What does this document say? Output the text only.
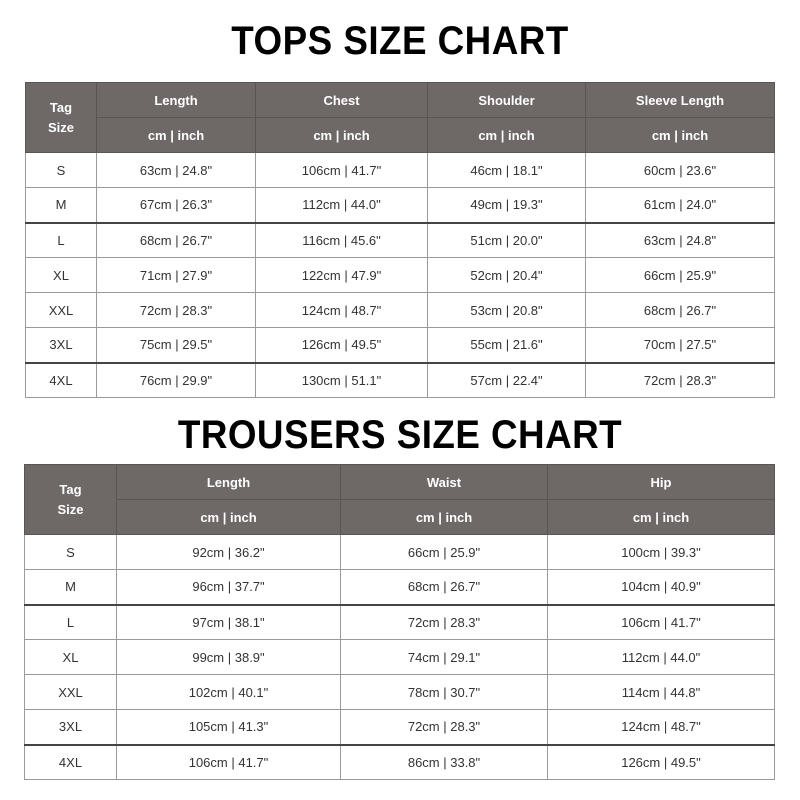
TOPS SIZE CHART
Tag
Size	Length	Chest	Shoulder	Sleeve Length
	cm | inch	cm | inch	cm | inch	cm | inch
S	63cm | 24.8"	106cm | 41.7"	46cm | 18.1"	60cm | 23.6"
M	67cm | 26.3"	112cm | 44.0"	49cm | 19.3"	61cm | 24.0"
L	68cm | 26.7"	116cm | 45.6"	51cm | 20.0"	63cm | 24.8"
XL	71cm | 27.9"	122cm | 47.9"	52cm | 20.4"	66cm | 25.9"
XXL	72cm | 28.3"	124cm | 48.7"	53cm | 20.8"	68cm | 26.7"
3XL	75cm | 29.5"	126cm | 49.5"	55cm | 21.6"	70cm | 27.5"
4XL	76cm | 29.9"	130cm | 51.1"	57cm | 22.4"	72cm | 28.3"
TROUSERS SIZE CHART
Tag
Size	Length	Waist	Hip
	cm | inch	cm | inch	cm | inch
S	92cm | 36.2"	66cm | 25.9"	100cm | 39.3"
M	96cm | 37.7"	68cm | 26.7"	104cm | 40.9"
L	97cm | 38.1"	72cm | 28.3"	106cm | 41.7"
XL	99cm | 38.9"	74cm | 29.1"	112cm | 44.0"
XXL	102cm | 40.1"	78cm | 30.7"	114cm | 44.8"
3XL	105cm | 41.3"	72cm | 28.3"	124cm | 48.7"
4XL	106cm | 41.7"	86cm | 33.8"	126cm | 49.5"
